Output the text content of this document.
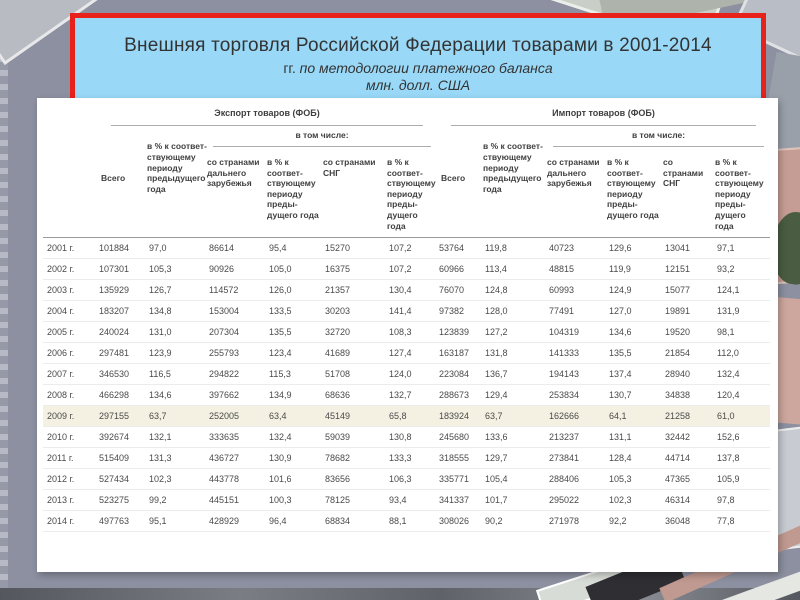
Внешняя торговля Российской Федерации товарами в 2001-2014
гг. по методологии платежного баланса
млн. долл. США

	Экспорт товаров (ФОБ)						Импорт товаров (ФОБ)					

	Всего	в % к соответствующему периоду предыдущего года	в том числе:				Всего	в % к соответствующему периоду предыдущего года	в том числе:			

			со странами дальнего зарубежья	в % к соответствующему периоду предыдущего года	со странами СНГ	в % к соответствующему периоду предыдущего года			со странами дальнего зарубежья	в % к соответствующему периоду предыдущего года	со странами СНГ	в % к соответствующему периоду предыдущего года
2001 г.	101884	97,0	86614	95,4	15270	107,2	53764	119,8	40723	129,6	13041	97,1
2002 г.	107301	105,3	90926	105,0	16375	107,2	60966	113,4	48815	119,9	12151	93,2
2003 г.	135929	126,7	114572	126,0	21357	130,4	76070	124,8	60993	124,9	15077	124,1
2004 г.	183207	134,8	153004	133,5	30203	141,4	97382	128,0	77491	127,0	19891	131,9
2005 г.	240024	131,0	207304	135,5	32720	108,3	123839	127,2	104319	134,6	19520	98,1
2006 г.	297481	123,9	255793	123,4	41689	127,4	163187	131,8	141333	135,5	21854	112,0
2007 г.	346530	116,5	294822	115,3	51708	124,0	223084	136,7	194143	137,4	28940	132,4
2008 г.	466298	134,6	397662	134,9	68636	132,7	288673	129,4	253834	130,7	34838	120,4
2009 г.	297155	63,7	252005	63,4	45149	65,8	183924	63,7	162666	64,1	21258	61,0
2010 г.	392674	132,1	333635	132,4	59039	130,8	245680	133,6	213237	131,1	32442	152,6
2011 г.	515409	131,3	436727	130,9	78682	133,3	318555	129,7	273841	128,4	44714	137,8
2012 г.	527434	102,3	443778	101,6	83656	106,3	335771	105,4	288406	105,3	47365	105,9
2013 г.	523275	99,2	445151	100,3	78125	93,4	341337	101,7	295022	102,3	46314	97,8
2014 г.	497763	95,1	428929	96,4	68834	88,1	308026	90,2	271978	92,2	36048	77,8
